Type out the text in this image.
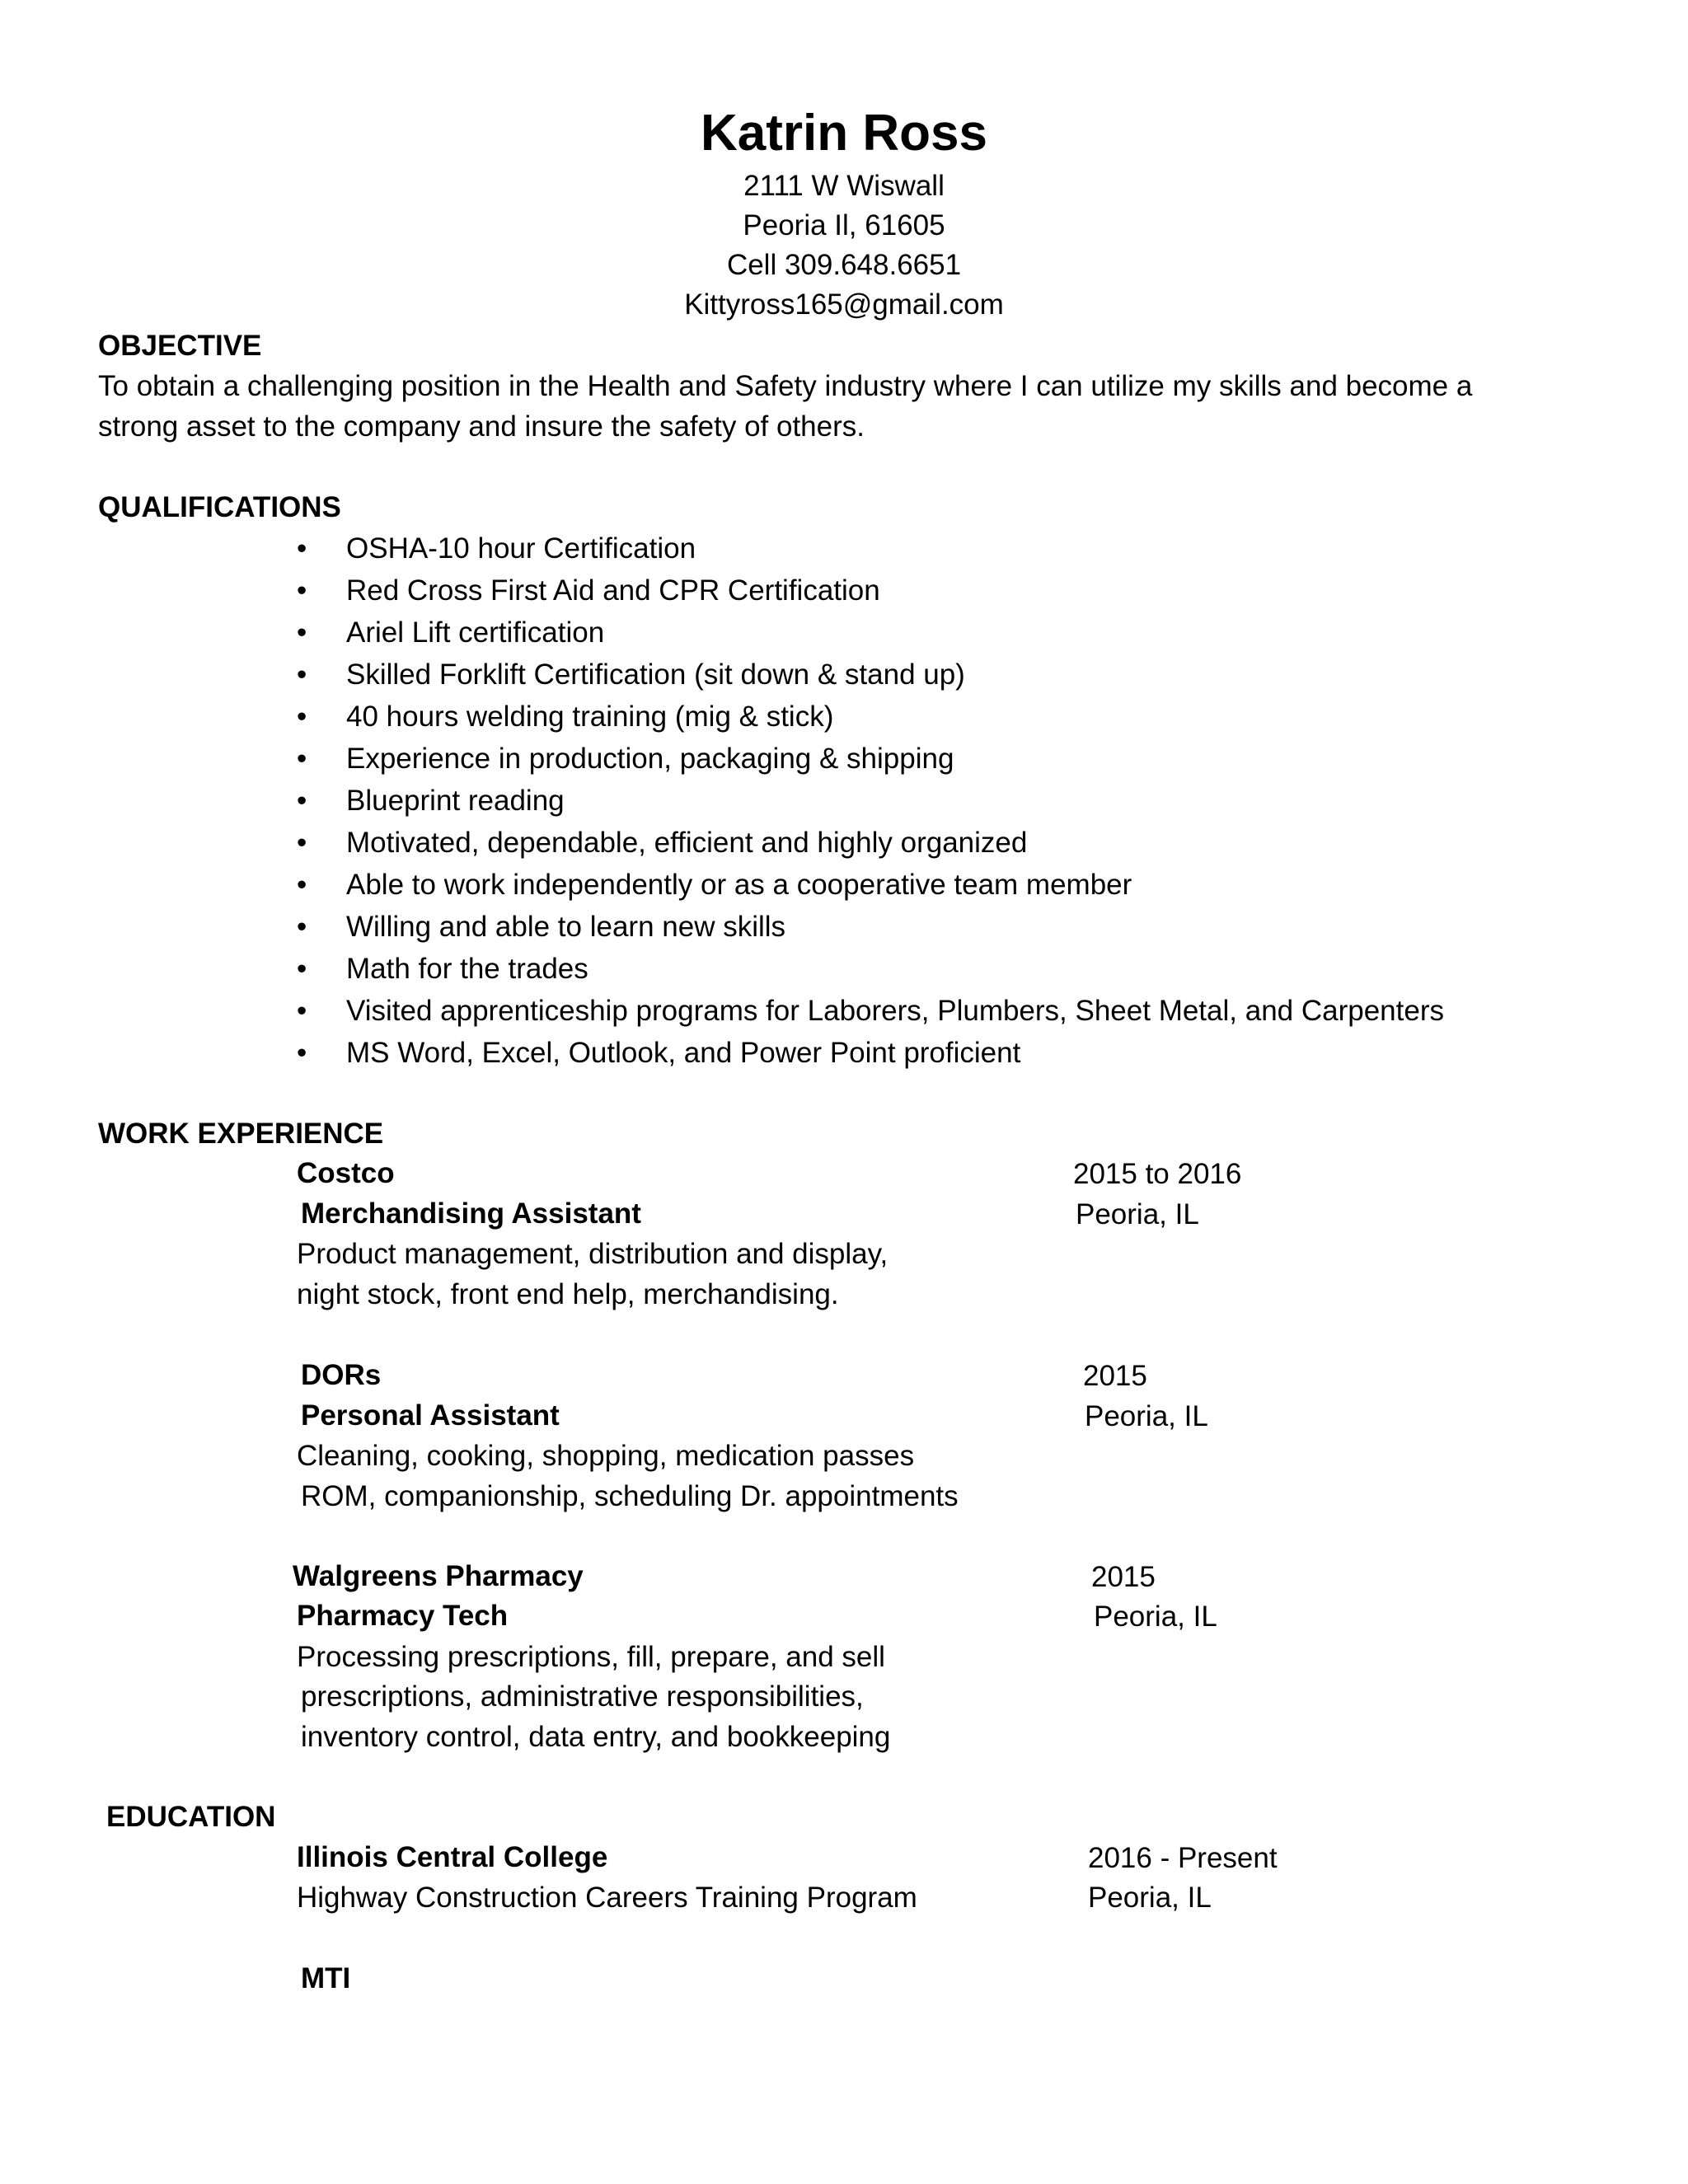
Katrin Ross
2111 W Wiswall
Peoria Il, 61605
Cell 309.648.6651
Kittyross165@gmail.com
OBJECTIVE
To obtain a challenging position in the Health and Safety industry where I can utilize my skills and become a
strong asset to the company and insure the safety of others.
QUALIFICATIONS
• OSHA-10 hour Certification
• Red Cross First Aid and CPR Certification
• Ariel Lift certification
• Skilled Forklift Certification (sit down & stand up)
• 40 hours welding training (mig & stick)
• Experience in production, packaging & shipping
• Blueprint reading
• Motivated, dependable, efficient and highly organized
• Able to work independently or as a cooperative team member
• Willing and able to learn new skills
• Math for the trades
• Visited apprenticeship programs for Laborers, Plumbers, Sheet Metal, and Carpenters
• MS Word, Excel, Outlook, and Power Point proficient
WORK EXPERIENCE
Costco	2015 to 2016
Merchandising Assistant	Peoria, IL
Product management, distribution and display,
night stock, front end help, merchandising.
DORs	2015
Personal Assistant	Peoria, IL
Cleaning, cooking, shopping, medication passes
ROM, companionship, scheduling Dr. appointments
Walgreens Pharmacy	2015
Pharmacy Tech	Peoria, IL
Processing prescriptions, fill, prepare, and sell
prescriptions, administrative responsibilities,
inventory control, data entry, and bookkeeping
EDUCATION
Illinois Central College	2016 - Present
Highway Construction Careers Training Program	Peoria, IL
MTI
